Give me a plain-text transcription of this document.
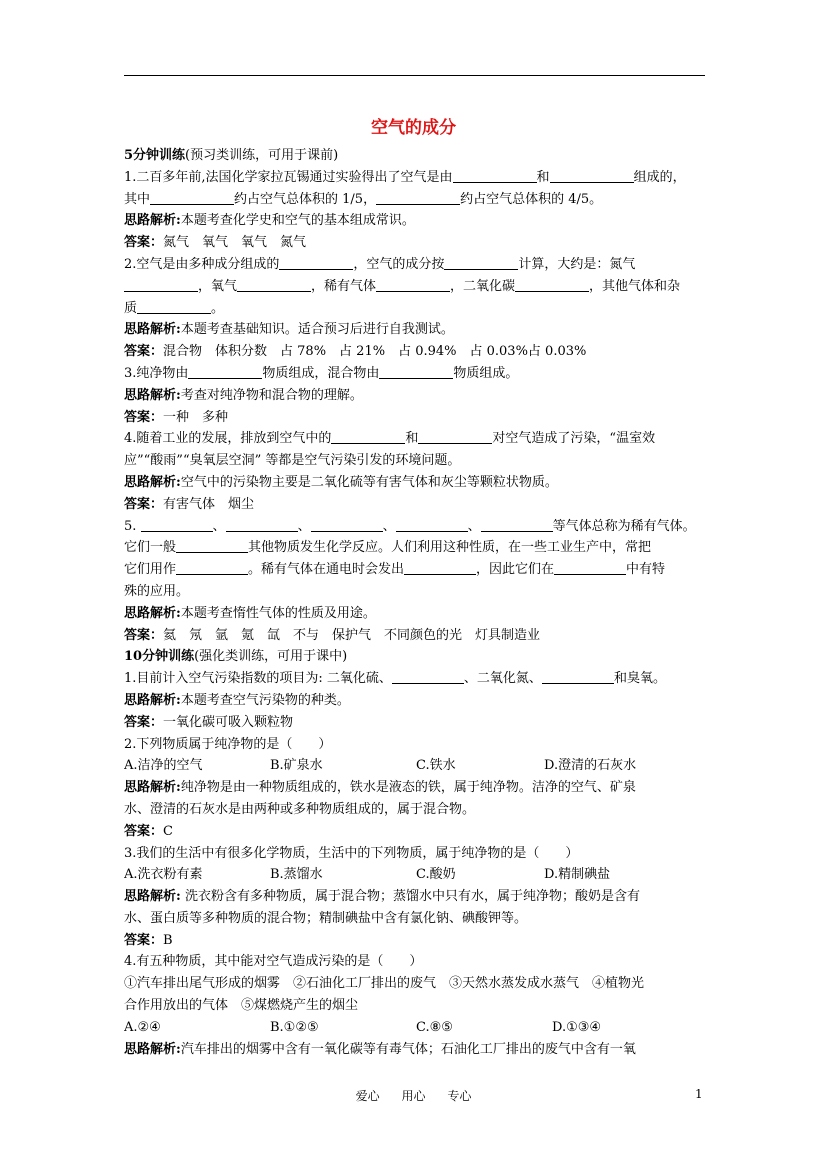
空气的成分
5分钟训练(预习类训练，可用于课前)
1.二百多年前,法国化学家拉瓦锡通过实验得出了空气是由	和	组成的，
其中	约占空气总体积的 1/5，	约占空气总体积的 4/5。
思路解析:本题考查化学史和空气的基本组成常识。
答案：氮气　氧气　氧气　氮气
2.空气是由多种成分组成的	，空气的成分按	计算，大约是：氮气
，氧气	，稀有气体	，二氧化碳	，其他气体和杂
质	。
思路解析:本题考查基础知识。适合预习后进行自我测试。
答案：混合物　体积分数　占 78%　占 21%　占 0.94%　占 0.03%占 0.03%
3.纯净物由	物质组成，混合物由	物质组成。
思路解析:考查对纯净物和混合物的理解。
答案：一种　多种
4.随着工业的发展，排放到空气中的	和	对空气造成了污染，“温室效
应”“酸雨”“臭氧层空洞” 等都是空气污染引发的环境问题。
思路解析:空气中的污染物主要是二氧化硫等有害气体和灰尘等颗粒状物质。
答案：有害气体　烟尘
5.	、	、	、	、	等气体总称为稀有气体。
它们一般	其他物质发生化学反应。人们利用这种性质，在一些工业生产中，常把
它们用作	。稀有气体在通电时会发出	，因此它们在	中有特
殊的应用。
思路解析:本题考查惰性气体的性质及用途。
答案：氦　氖　氩　氪　氙　不与　保护气　不同颜色的光　灯具制造业
10分钟训练(强化类训练，可用于课中)
1.目前计入空气污染指数的项目为: 二氧化硫、	、二氧化氮、	和臭氧。
思路解析:本题考查空气污染物的种类。
答案：一氧化碳可吸入颗粒物
2.下列物质属于纯净物的是（　　）
A.洁净的空气	B.矿泉水	C.铁水	D.澄清的石灰水
思路解析:纯净物是由一种物质组成的，铁水是液态的铁，属于纯净物。洁净的空气、矿泉
水、澄清的石灰水是由两种或多种物质组成的，属于混合物。
答案：C
3.我们的生活中有很多化学物质，生活中的下列物质，属于纯净物的是（　　）
A.洗衣粉有素	B.蒸馏水	C.酸奶	D.精制碘盐
思路解析: 洗衣粉含有多种物质，属于混合物；蒸馏水中只有水，属于纯净物；酸奶是含有
水、蛋白质等多种物质的混合物；精制碘盐中含有氯化钠、碘酸钾等。
答案：B
4.有五种物质，其中能对空气造成污染的是（　　）
①汽车排出尾气形成的烟雾　②石油化工厂排出的废气　③天然水蒸发成水蒸气　④植物光
合作用放出的气体　⑤煤燃烧产生的烟尘
A.②④	B.①②⑤	C.⑧⑤	D.①③④
思路解析:汽车排出的烟雾中含有一氧化碳等有毒气体；石油化工厂排出的废气中含有一氧
爱心 用心 专心	1
